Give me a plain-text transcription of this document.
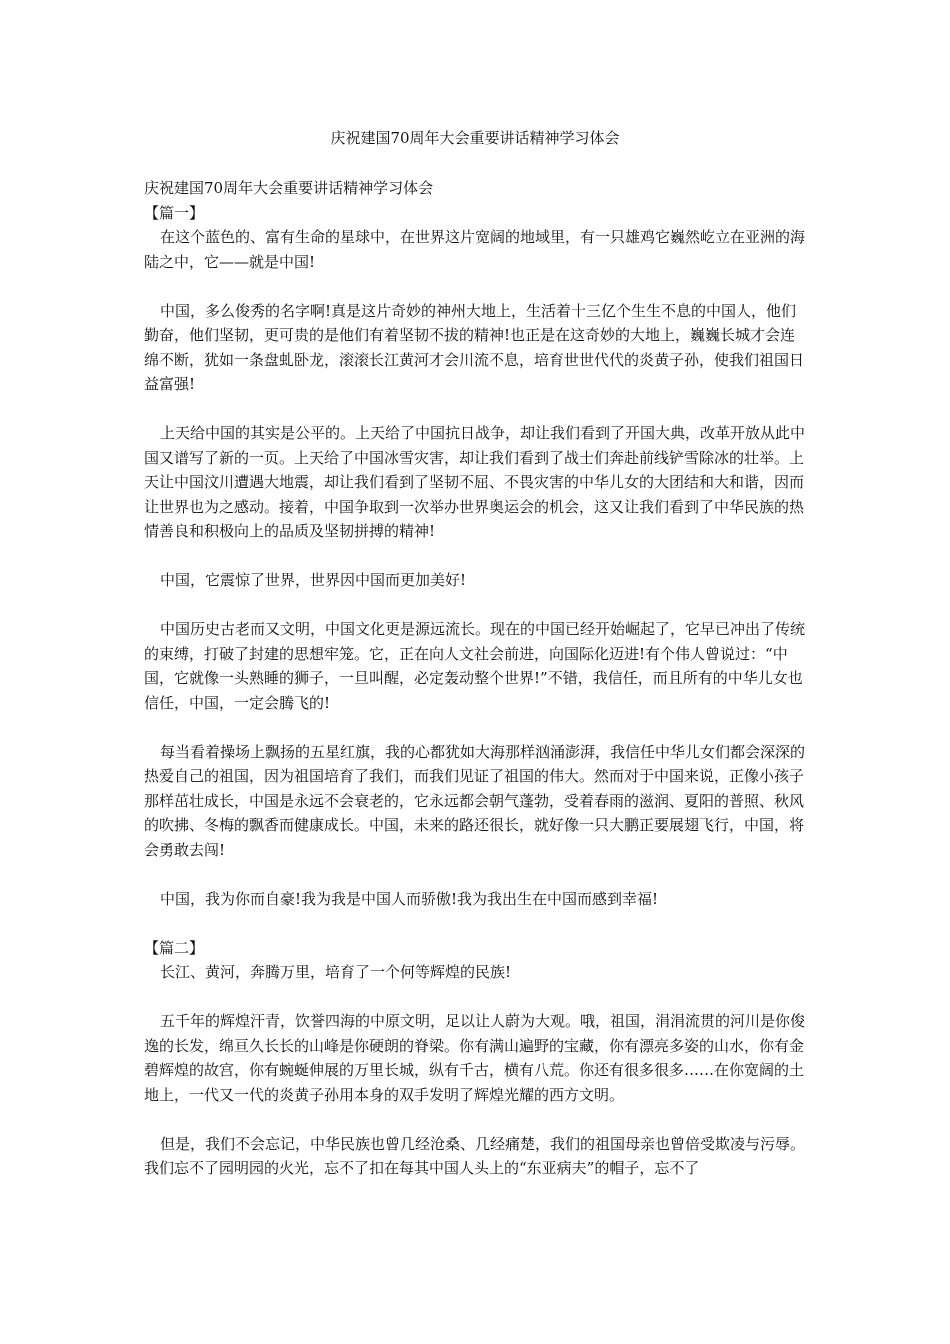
庆祝建国70周年大会重要讲话精神学习体会

庆祝建国70周年大会重要讲话精神学习体会

【篇一】

在这个蓝色的、富有生命的星球中，在世界这片宽阔的地域里，有一只雄鸡它巍然屹立在亚洲的海陆之中，它——就是中国!

中国，多么俊秀的名字啊!真是这片奇妙的神州大地上，生活着十三亿个生生不息的中国人，他们勤奋，他们坚韧，更可贵的是他们有着坚韧不拔的精神!也正是在这奇妙的大地上，巍巍长城才会连绵不断，犹如一条盘虬卧龙，滚滚长江黄河才会川流不息，培育世世代代的炎黄子孙，使我们祖国日益富强!

上天给中国的其实是公平的。上天给了中国抗日战争，却让我们看到了开国大典，改革开放从此中国又谱写了新的一页。上天给了中国冰雪灾害，却让我们看到了战士们奔赴前线铲雪除冰的壮举。上天让中国汶川遭遇大地震，却让我们看到了坚韧不屈、不畏灾害的中华儿女的大团结和大和谐，因而让世界也为之感动。接着，中国争取到一次举办世界奥运会的机会，这又让我们看到了中华民族的热情善良和积极向上的品质及坚韧拼搏的精神!

中国，它震惊了世界，世界因中国而更加美好!

中国历史古老而又文明，中国文化更是源远流长。现在的中国已经开始崛起了，它早已冲出了传统的束缚，打破了封建的思想牢笼。它，正在向人文社会前进，向国际化迈进!有个伟人曾说过：“中国，它就像一头熟睡的狮子，一旦叫醒，必定轰动整个世界!”不错，我信任，而且所有的中华儿女也信任，中国，一定会腾飞的!

每当看着操场上飘扬的五星红旗，我的心都犹如大海那样汹涌澎湃，我信任中华儿女们都会深深的热爱自己的祖国，因为祖国培育了我们，而我们见证了祖国的伟大。然而对于中国来说，正像小孩子那样茁壮成长，中国是永远不会衰老的，它永远都会朝气蓬勃，受着春雨的滋润、夏阳的普照、秋风的吹拂、冬梅的飘香而健康成长。中国，未来的路还很长，就好像一只大鹏正要展翅飞行，中国，将会勇敢去闯!

中国，我为你而自豪!我为我是中国人而骄傲!我为我出生在中国而感到幸福!

【篇二】

长江、黄河，奔腾万里，培育了一个何等辉煌的民族!

五千年的辉煌汗青，饮誉四海的中原文明，足以让人蔚为大观。哦，祖国，涓涓流贯的河川是你俊逸的长发，绵亘久长长的山峰是你硬朗的脊梁。你有满山遍野的宝藏，你有漂亮多姿的山水，你有金碧辉煌的故宫，你有蜿蜒伸展的万里长城，纵有千古，横有八荒。你还有很多很多……在你宽阔的土地上，一代又一代的炎黄子孙用本身的双手发明了辉煌光耀的西方文明。

但是，我们不会忘记，中华民族也曾几经沧桑、几经痛楚，我们的祖国母亲也曾倍受欺凌与污辱。我们忘不了园明园的火光，忘不了扣在每其中国人头上的“东亚病夫”的帽子，忘不了
